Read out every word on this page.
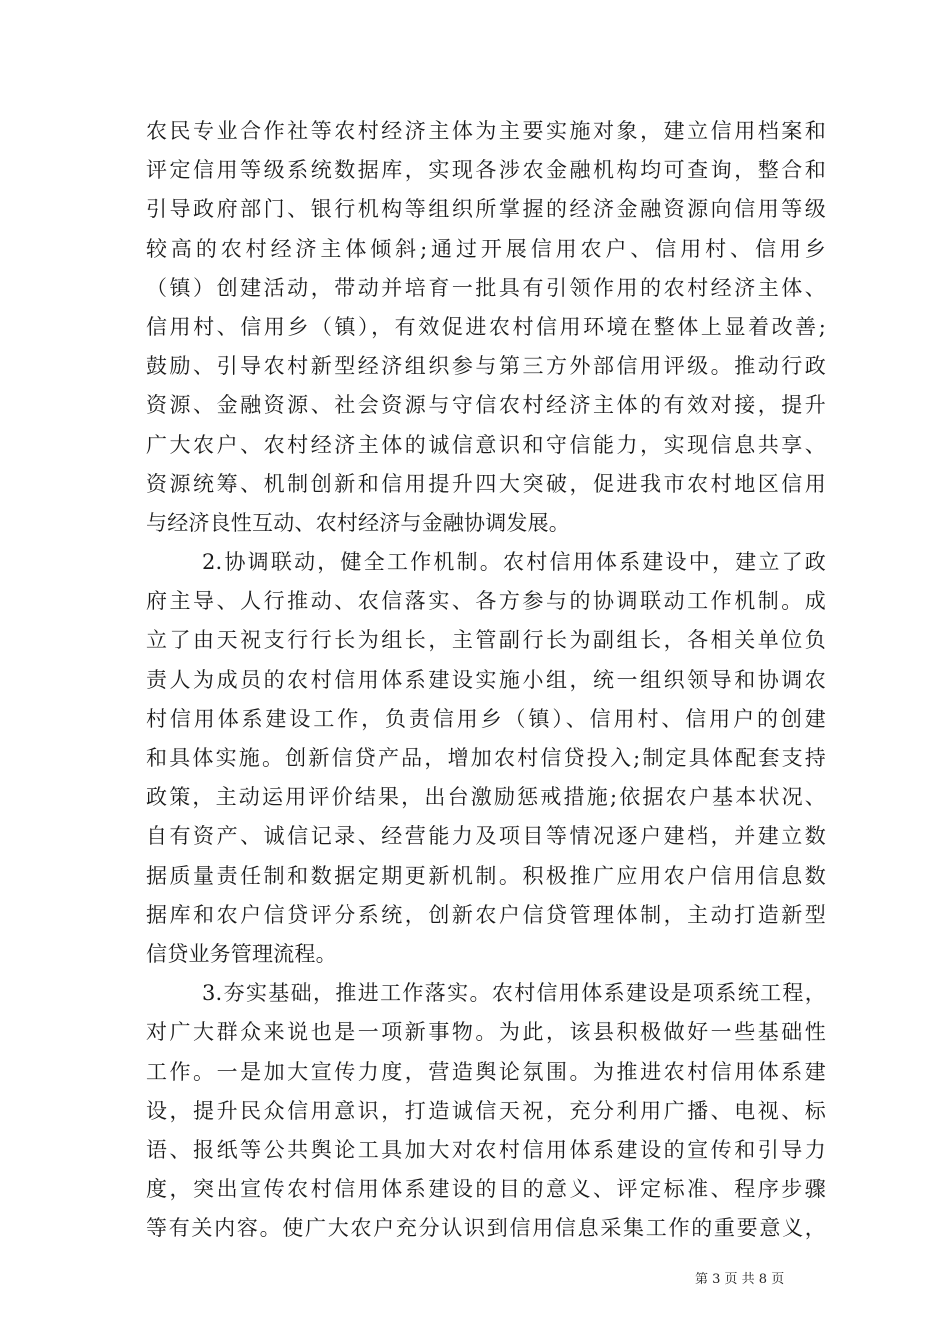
农民专业合作社等农村经济主体为主要实施对象，建立信用档案和
评定信用等级系统数据库，实现各涉农金融机构均可查询，整合和
引导政府部门、银行机构等组织所掌握的经济金融资源向信用等级
较高的农村经济主体倾斜;通过开展信用农户、信用村、信用乡
（镇）创建活动，带动并培育一批具有引领作用的农村经济主体、
信用村、信用乡（镇），有效促进农村信用环境在整体上显着改善;
鼓励、引导农村新型经济组织参与第三方外部信用评级。推动行政
资源、金融资源、社会资源与守信农村经济主体的有效对接，提升
广大农户、农村经济主体的诚信意识和守信能力，实现信息共享、
资源统筹、机制创新和信用提升四大突破，促进我市农村地区信用
与经济良性互动、农村经济与金融协调发展。
2.协调联动，健全工作机制。农村信用体系建设中，建立了政
府主导、人行推动、农信落实、各方参与的协调联动工作机制。成
立了由天祝支行行长为组长，主管副行长为副组长，各相关单位负
责人为成员的农村信用体系建设实施小组，统一组织领导和协调农
村信用体系建设工作，负责信用乡（镇）、信用村、信用户的创建
和具体实施。创新信贷产品，增加农村信贷投入;制定具体配套支持
政策，主动运用评价结果，出台激励惩戒措施;依据农户基本状况、
自有资产、诚信记录、经营能力及项目等情况逐户建档，并建立数
据质量责任制和数据定期更新机制。积极推广应用农户信用信息数
据库和农户信贷评分系统，创新农户信贷管理体制，主动打造新型
信贷业务管理流程。
3.夯实基础，推进工作落实。农村信用体系建设是项系统工程，
对广大群众来说也是一项新事物。为此，该县积极做好一些基础性
工作。一是加大宣传力度，营造舆论氛围。为推进农村信用体系建
设，提升民众信用意识，打造诚信天祝，充分利用广播、电视、标
语、报纸等公共舆论工具加大对农村信用体系建设的宣传和引导力
度，突出宣传农村信用体系建设的目的意义、评定标准、程序步骤
等有关内容。使广大农户充分认识到信用信息采集工作的重要意义，
第 3 页 共 8 页
